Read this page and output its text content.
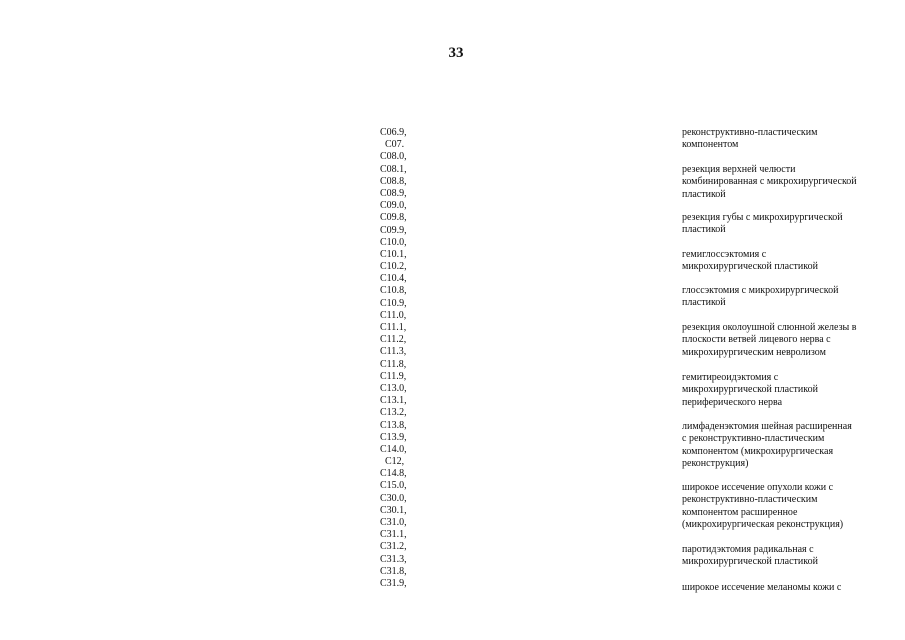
33
C06.9,
C07.
C08.0,
C08.1,
C08.8,
C08.9,
C09.0,
C09.8,
C09.9,
C10.0,
C10.1,
C10.2,
C10.4,
C10.8,
C10.9,
C11.0,
C11.1,
C11.2,
C11.3,
C11.8,
C11.9,
C13.0,
C13.1,
C13.2,
C13.8,
C13.9,
C14.0,
C12,
C14.8,
C15.0,
C30.0,
C30.1,
C31.0,
C31.1,
C31.2,
C31.3,
C31.8,
C31.9,
реконструктивно-пластическим
компонентом
резекция верхней челюсти
комбинированная с микрохирургической
пластикой
резекция губы с микрохирургической
пластикой
гемиглоссэктомия с
микрохирургической пластикой
глоссэктомия с микрохирургической
пластикой
резекция околоушной слюнной железы в
плоскости ветвей лицевого нерва с
микрохирургическим невролизом
гемитиреоидэктомия с
микрохирургической пластикой
периферического нерва
лимфаденэктомия шейная расширенная
с реконструктивно-пластическим
компонентом (микрохирургическая
реконструкция)
широкое иссечение опухоли кожи с
реконструктивно-пластическим
компонентом расширенное
(микрохирургическая реконструкция)
паротидэктомия радикальная с
микрохирургической пластикой
широкое иссечение меланомы кожи с
